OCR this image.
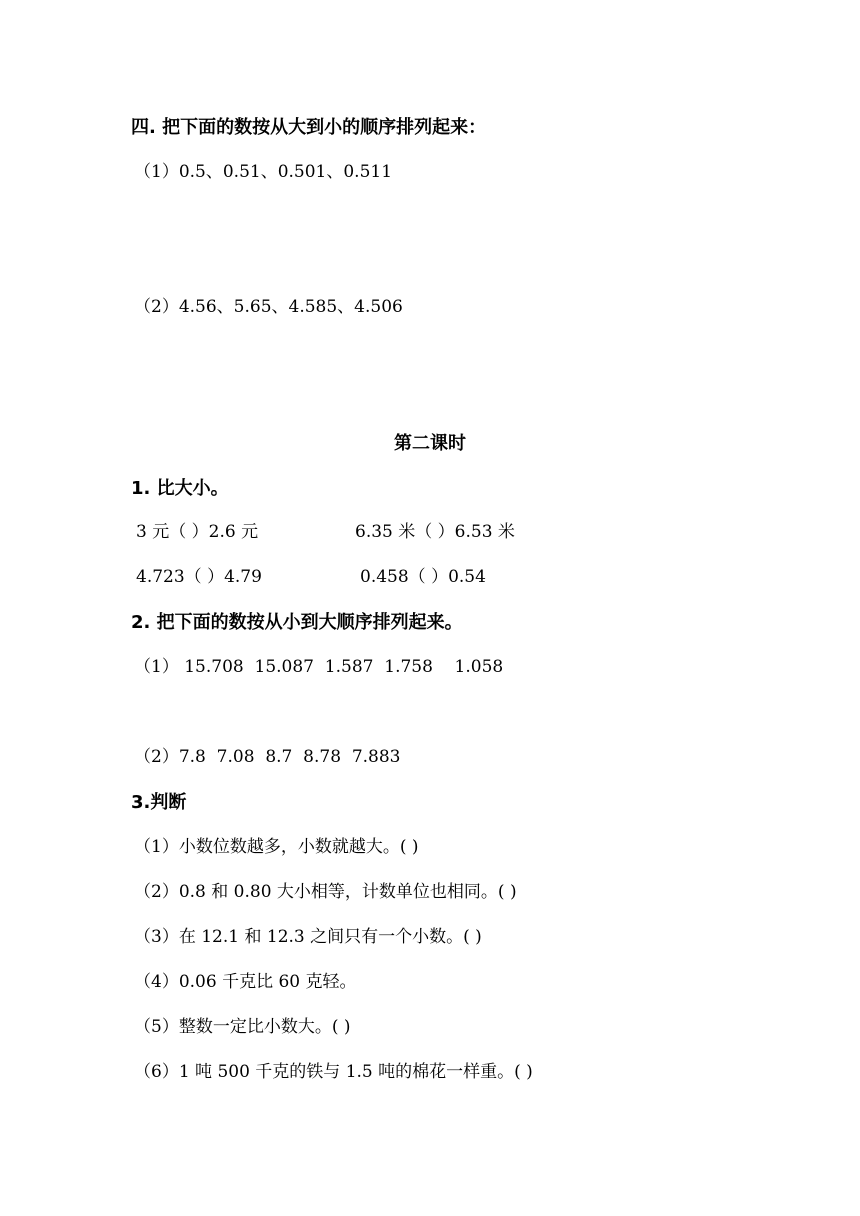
四. 把下面的数按从大到小的顺序排列起来：
（1）0.5、0.51、0.501、0.511
（2）4.56、5.65、4.585、4.506
第二课时
1. 比大小。
3 元（ ）2.6 元	6.35 米（ ）6.53 米
4.723（ ）4.79	0.458（ ）0.54
2. 把下面的数按从小到大顺序排列起来。
（1） 15.708  15.087  1.587  1.758    1.058
（2）7.8  7.08  8.7  8.78  7.883
3.判断
（1）小数位数越多，小数就越大。( )
（2）0.8 和 0.80 大小相等，计数单位也相同。( )
（3）在 12.1 和 12.3 之间只有一个小数。( )
（4）0.06 千克比 60 克轻。
（5）整数一定比小数大。( )
（6）1 吨 500 千克的铁与 1.5 吨的棉花一样重。( )
